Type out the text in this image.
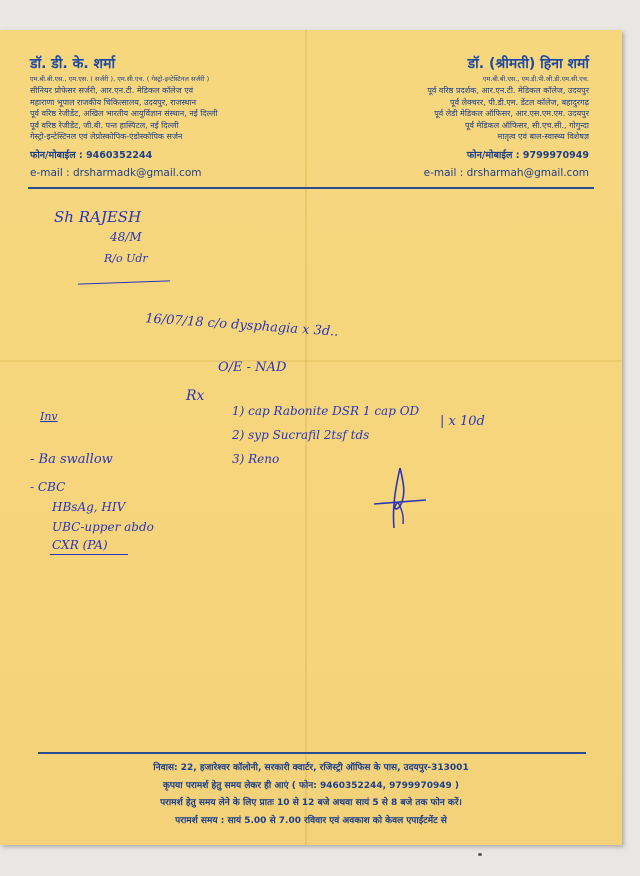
डॉ. डी. के. शर्मा
एम.बी.बी.एस., एम.एस. ( सर्जरी ), एम.सी.एच. ( गेस्ट्रो-इन्टेस्टिनल सर्जरी )
सीनियर प्रोफेसर सर्जरी, आर.एन.टी. मेडिकल कॉलेज एवं
महाराणा भूपाल राजकीय चिकित्सालय, उदयपुर, राजस्थान
पूर्व वरिष्ठ रेजीडेंट, अखिल भारतीय आयुर्विज्ञान संस्थान, नई दिल्ली
पूर्व वरिष्ठ रेजीडेंट, जी.बी. पन्त हास्पिटल, नई दिल्ली
गेस्ट्रो-इन्टेस्टिनल एवं लेप्रोस्कोपिक-एंडोस्कोपिक सर्जन
फोन/मोबाईल : 9460352244
e-mail : drsharmadk@gmail.com
डॉ. (श्रीमती) हिना शर्मा
एम.बी.बी.एस., एम.डी.पी.जी.डी.एम.सी.एच.
पूर्व वरिष्ठ प्रदर्शक, आर.एन.टी. मेडिकल कॉलेज, उदयपुर
पूर्व लेक्चरर, पी.डी.एम. डेंटल कॉलेज, बहादुरगढ़
पूर्व लेडी मेडिकल ऑफिसर, आर.एस.एम.एम. उदयपुर
पूर्व मेडिकल ऑफिसर, सी.एच.सी., गोगुन्दा
मातृत्व एवं बाल-स्वास्थ्य विशेषज्ञ
फोन/मोबाईल : 9799970949
e-mail : drsharmah@gmail.com
Sh RAJESH
48/M
R/o Udr
16/07/18 c/o dysphagia x 3d..
O/E - NAD
Rx
1) cap Rabonite DSR 1 cap OD
2) syp Sucrafil 2tsf tds
3) Reno
| x 10d
Inv
- Ba swallow
- CBC
HBsAg, HIV
UBC-upper abdo
CXR (PA)
निवास: 22, हजारेश्वर कॉलोनी, सरकारी क्वार्टर, रजिस्ट्री ऑफिस के पास, उदयपुर-313001
कृपया परामर्श हेतु समय लेकर ही आएं ( फोन: 9460352244, 9799970949 )
परामर्श हेतु समय लेने के लिए प्रातः 10 से 12 बजे अथवा सायं 5 से 8 बजे तक फोन करें।
परामर्श समय : सायं 5.00 से 7.00 रविवार एवं अवकाश को केवल एपाईंटमेंट से
